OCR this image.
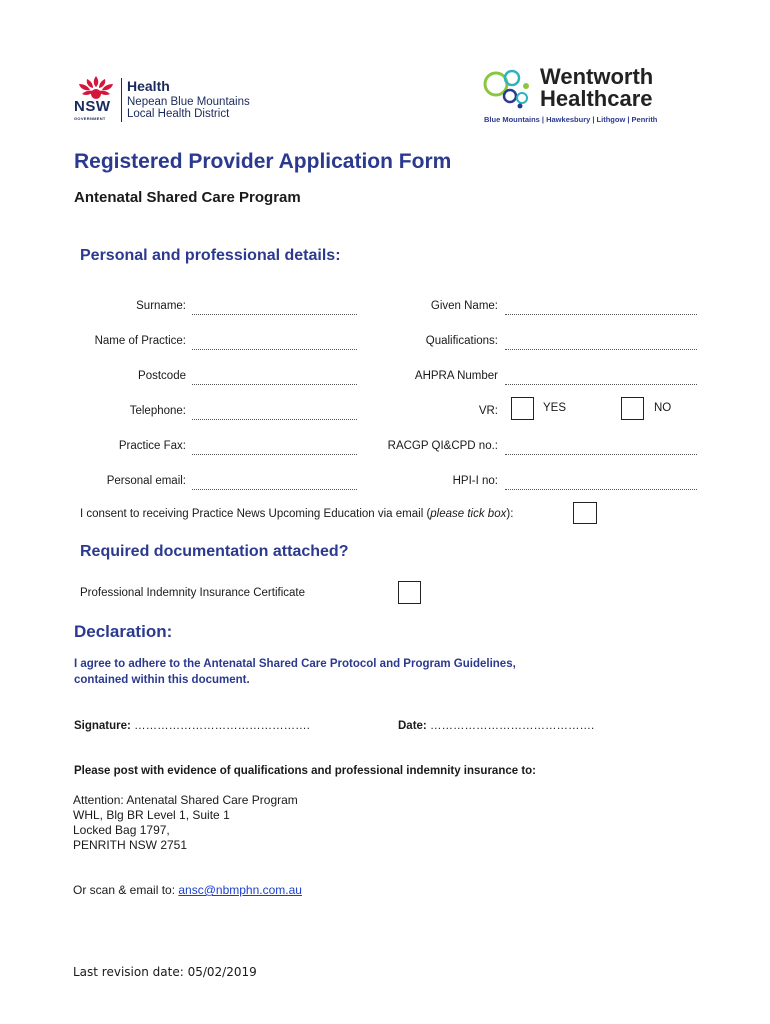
NSW
GOVERNMENT
Health
Nepean Blue Mountains
Local Health District
Wentworth
Healthcare
Blue Mountains | Hawkesbury | Lithgow | Penrith
Registered Provider Application Form
Antenatal Shared Care Program
Personal and professional details:
Surname:	Given Name:
Name of Practice:	Qualifications:
Postcode	AHPRA Number
Telephone:	VR:	YES	NO
Practice Fax:	RACGP QI&CPD no.:
Personal email:	HPI-I no:
I consent to receiving Practice News Upcoming Education via email (please tick box):
Required documentation attached?
Professional Indemnity Insurance Certificate
Declaration:
I agree to adhere to the Antenatal Shared Care Protocol and Program Guidelines,
contained within this document.
Signature: ……………………………………….	Date: …………………………………….
Please post with evidence of qualifications and professional indemnity insurance to:
Attention: Antenatal Shared Care Program
WHL, Blg BR Level 1, Suite 1
Locked Bag 1797,
PENRITH NSW 2751
Or scan & email to: ansc@nbmphn.com.au
Last revision date: 05/02/2019
